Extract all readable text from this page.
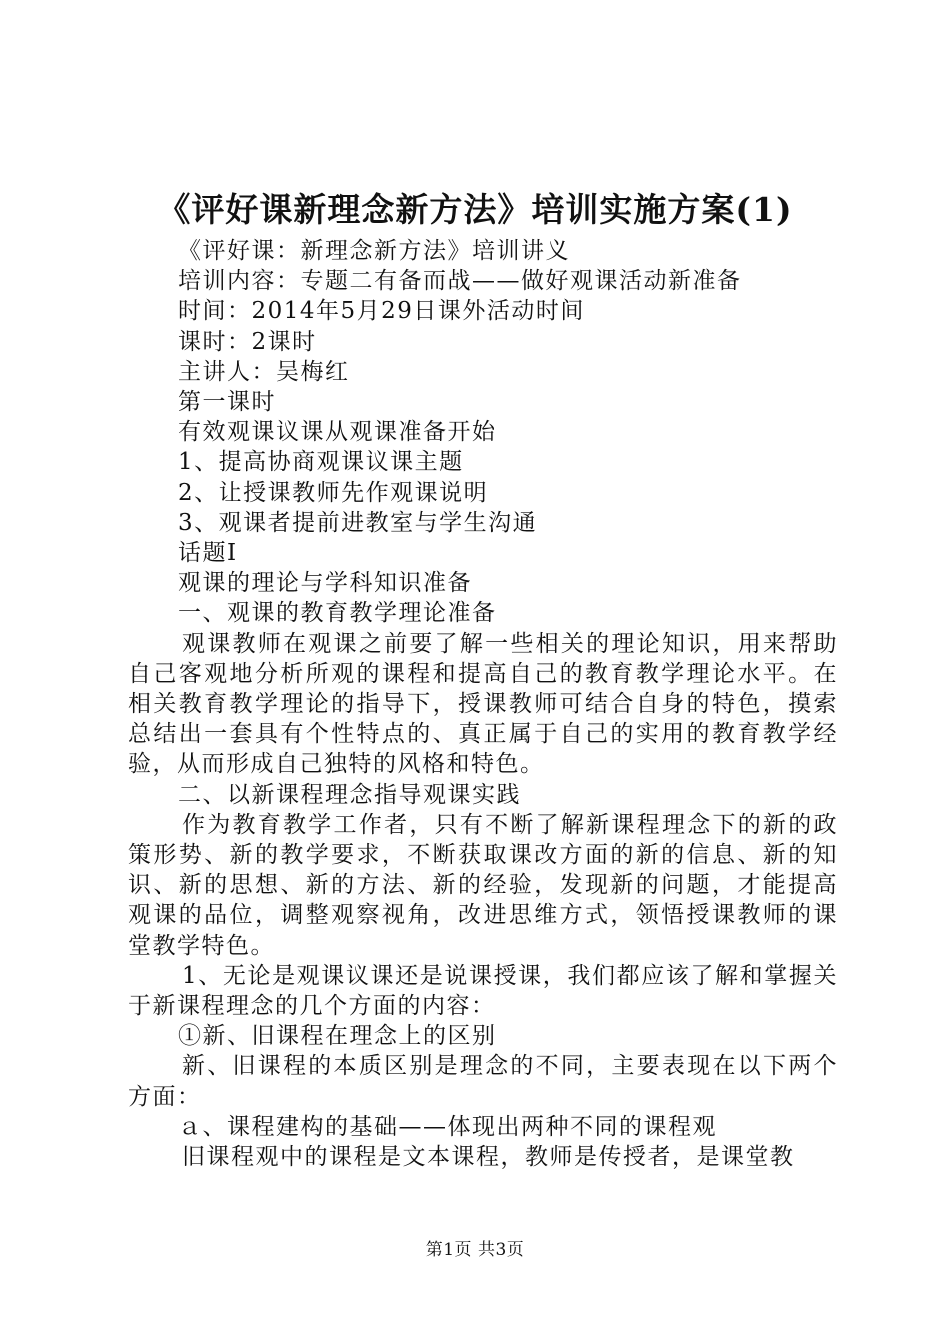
《评好课新理念新方法》培训实施方案(1)

《评好课：新理念新方法》培训讲义

培训内容：专题二有备而战——做好观课活动新准备

时间：2014年5月29日课外活动时间

课时：2课时

主讲人：吴梅红

第一课时

有效观课议课从观课准备开始

1、提高协商观课议课主题

2、让授课教师先作观课说明

3、观课者提前进教室与学生沟通

话题Ⅰ

观课的理论与学科知识准备

一、观课的教育教学理论准备

观课教师在观课之前要了解一些相关的理论知识，用来帮助自己客观地分析所观的课程和提高自己的教育教学理论水平。在相关教育教学理论的指导下，授课教师可结合自身的特色，摸索总结出一套具有个性特点的、真正属于自己的实用的教育教学经验，从而形成自己独特的风格和特色。

二、以新课程理念指导观课实践

作为教育教学工作者，只有不断了解新课程理念下的新的政策形势、新的教学要求，不断获取课改方面的新的信息、新的知识、新的思想、新的方法、新的经验，发现新的问题，才能提高观课的品位，调整观察视角，改进思维方式，领悟授课教师的课堂教学特色。

1、无论是观课议课还是说课授课，我们都应该了解和掌握关于新课程理念的几个方面的内容：

①新、旧课程在理念上的区别

新、旧课程的本质区别是理念的不同，主要表现在以下两个方面：

ａ、课程建构的基础——体现出两种不同的课程观

旧课程观中的课程是文本课程，教师是传授者，是课堂教

第1页 共3页
